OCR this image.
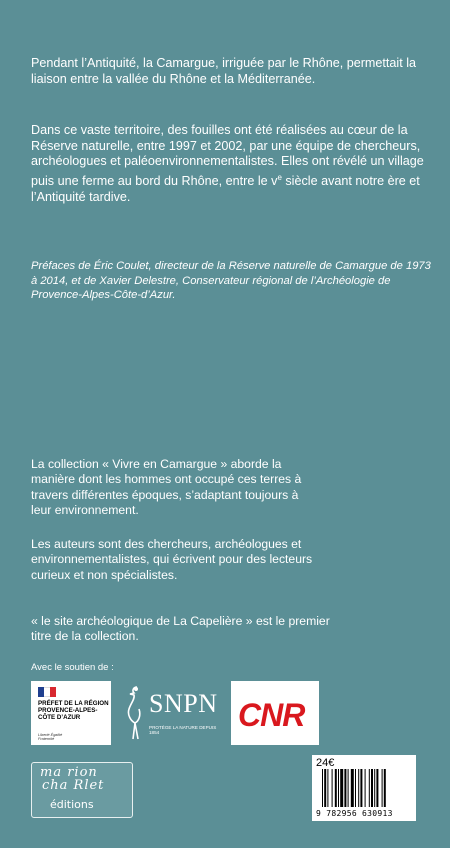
Pendant l’Antiquité, la Camargue, irriguée par le Rhône, permettait la liaison entre la vallée du Rhône et la Méditerranée.

Dans ce vaste territoire, des fouilles ont été réalisées au cœur de la Réserve naturelle, entre 1997 et 2002, par une équipe de chercheurs, archéologues et paléoenvironnementalistes. Elles ont révélé un village puis une ferme au bord du Rhône, entre le $v^e$ siècle avant notre ère et l’Antiquité tardive.

Préfaces de Éric Coulet, directeur de la Réserve naturelle de Camargue de 1973 à 2014, et de Xavier Delestre, Conservateur régional de l’Archéologie de Provence-Alpes-Côte-d’Azur.

La collection « Vivre en Camargue » aborde la manière dont les hommes ont occupé ces terres à travers différentes époques, s’adaptant toujours à leur environnement.

Les auteurs sont des chercheurs, archéologues et environnementalistes, qui écrivent pour des lecteurs curieux et non spécialistes.

« le site archéologique de La Capelière » est le premier titre de la collection.

Avec le soutien de :
PRÉFET DE LA RÉGION PROVENCE-ALPES-CÔTE D’AZUR
Liberté Égalité Fraternité
SNPN
PROTÉGE LA NATURE DEPUIS 1854	CNR
ma rion
cha Rlet
éditions
9 782956 630913
24€
